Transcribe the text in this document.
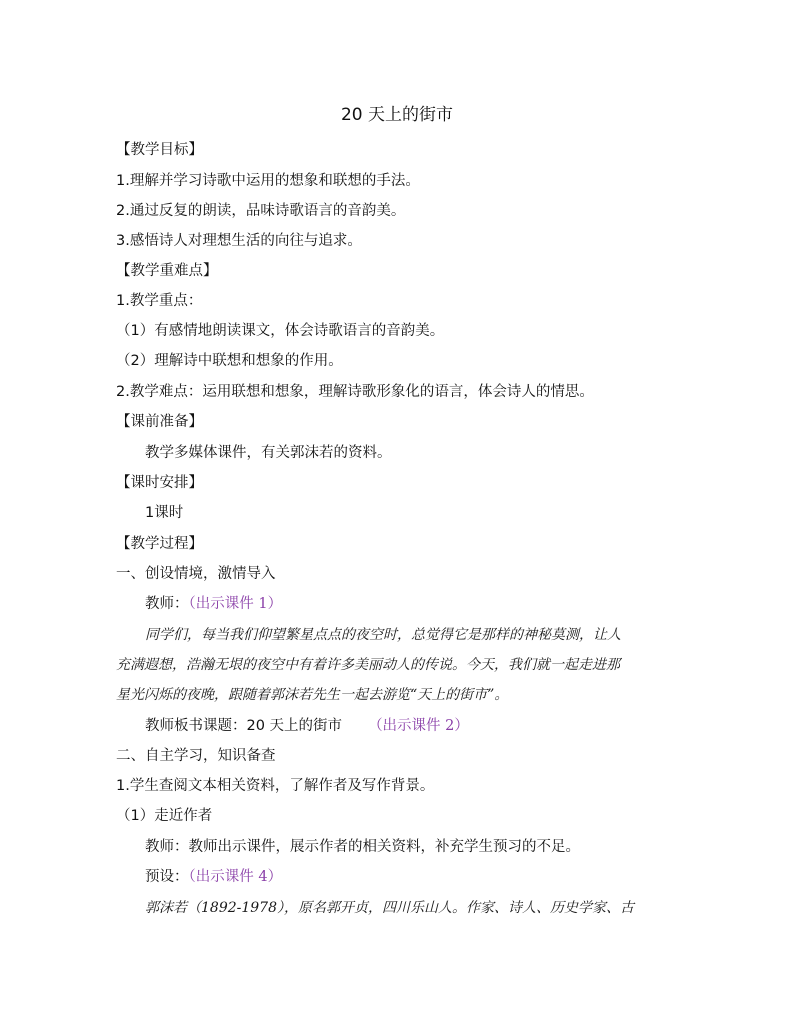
20 天上的街市
【教学目标】
1.理解并学习诗歌中运用的想象和联想的手法。
2.通过反复的朗读，品味诗歌语言的音韵美。
3.感悟诗人对理想生活的向往与追求。
【教学重难点】
1.教学重点：
（1）有感情地朗读课文，体会诗歌语言的音韵美。
（2）理解诗中联想和想象的作用。
2.教学难点：运用联想和想象，理解诗歌形象化的语言，体会诗人的情思。
【课前准备】
教学多媒体课件，有关郭沫若的资料。
【课时安排】
1课时
【教学过程】
一、创设情境，激情导入
教师：（出示课件 1）
同学们，每当我们仰望繁星点点的夜空时，总觉得它是那样的神秘莫测，让人
充满遐想，浩瀚无垠的夜空中有着许多美丽动人的传说。今天，我们就一起走进那
星光闪烁的夜晚，跟随着郭沫若先生一起去游览“天上的街市”。
教师板书课题：20 天上的街市 （出示课件 2）
二、自主学习，知识备查
1.学生查阅文本相关资料，了解作者及写作背景。
（1）走近作者
教师：教师出示课件，展示作者的相关资料，补充学生预习的不足。
预设：（出示课件 4）
郭沫若（1892-1978），原名郭开贞，四川乐山人。作家、诗人、历史学家、古
